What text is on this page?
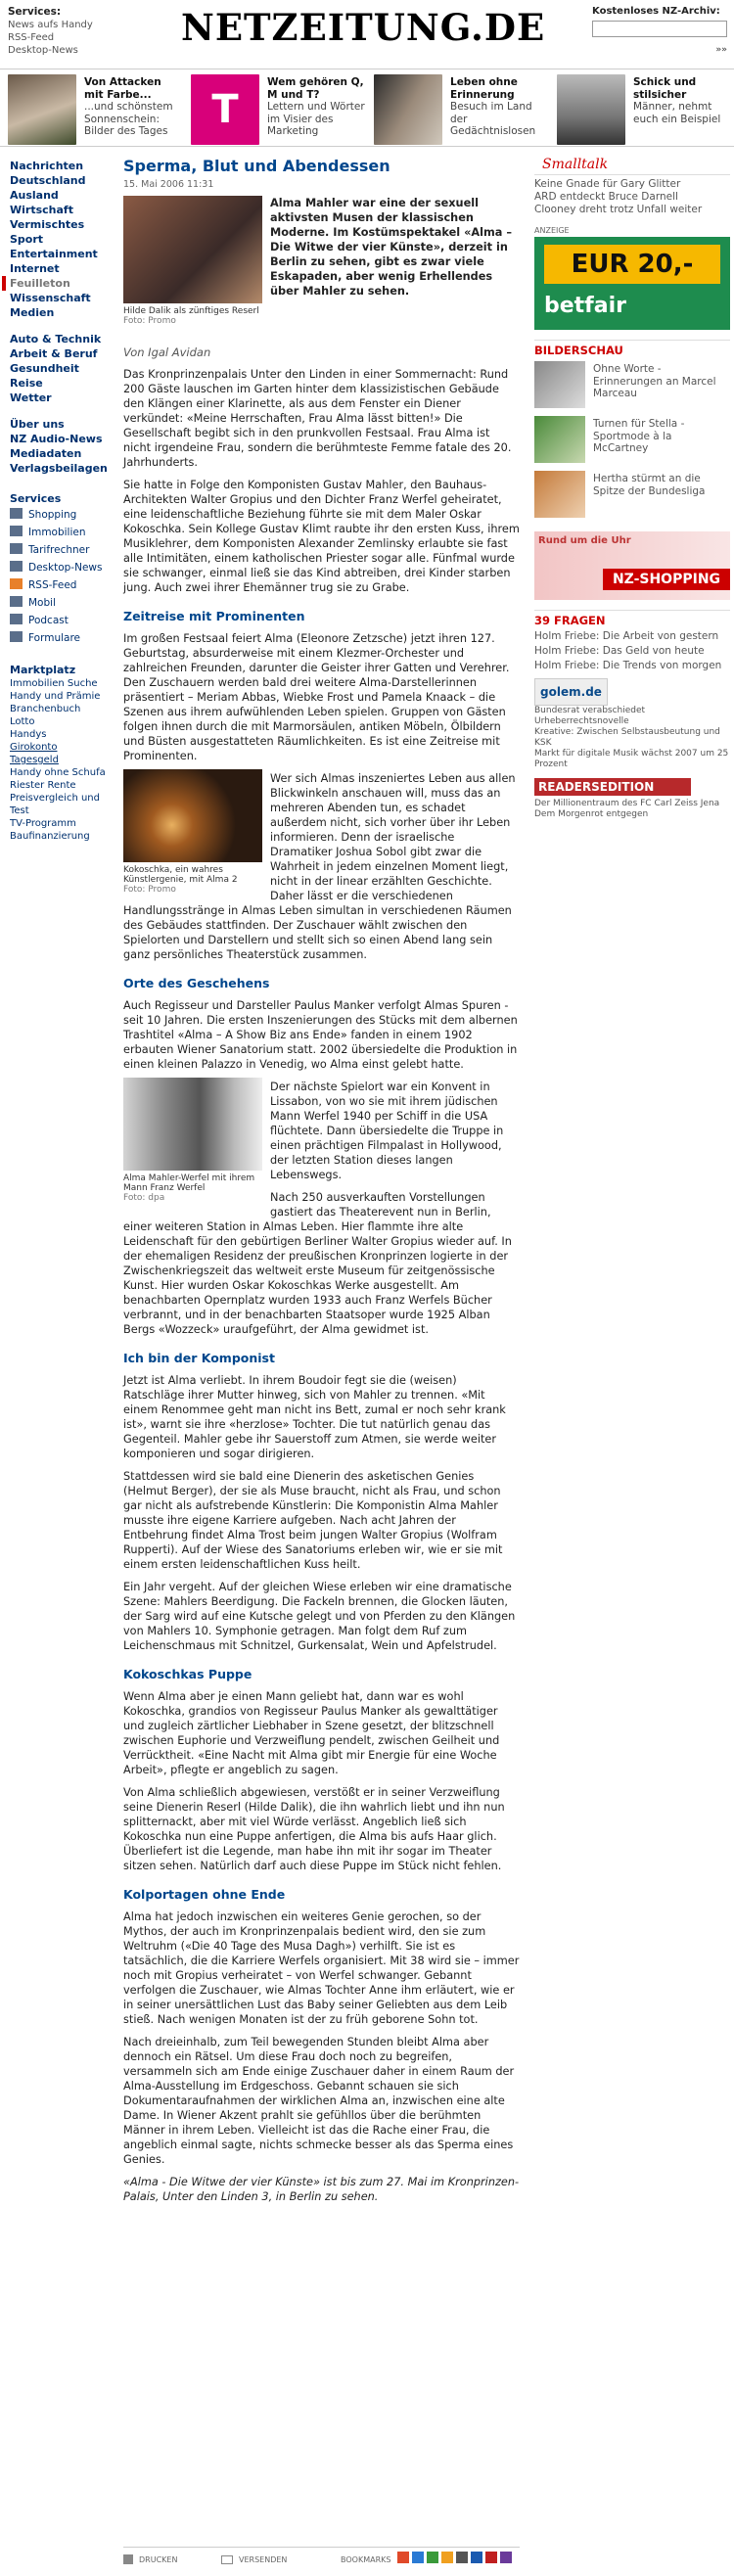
Services:
News aufs Handy
RSS-Feed
Desktop-News
NETZEITUNG.DE	Kostenloses NZ-Archiv:
»»
Von Attacken mit Farbe...
...und schönstem Sonnenschein: Bilder des Tages	T
Wem gehören Q, M und T?
Lettern und Wörter im Visier des Marketing
Leben ohne Erinnerung
Besuch im Land der Gedächtnislosen
Schick und stilsicher
Männer, nehmt euch ein Beispiel
Nachrichten
Deutschland
Ausland
Wirtschaft
Vermischtes
Sport
Entertainment
Internet
Feuilleton
Wissenschaft
Medien
Auto & Technik
Arbeit & Beruf
Gesundheit
Reise
Wetter
Über uns
NZ Audio-News
Mediadaten
Verlagsbeilagen
Services
Shopping
Immobilien
Tarifrechner
Desktop-News
RSS-Feed
Mobil
Podcast
Formulare
Marktplatz
Immobilien Suche
Handy und Prämie
Branchenbuch
Lotto
Handys
Girokonto
Tagesgeld
Handy ohne Schufa
Riester Rente
Preisvergleich und Test
TV-Programm
Baufinanzierung
Sperma, Blut und Abendessen
15. Mai 2006 11:31
Hilde Dalik als zünftiges Reserl
Foto: Promo
Alma Mahler war eine der sexuell aktivsten Musen der klassischen Moderne. Im Kostümspektakel «Alma – Die Witwe der vier Künste», derzeit in Berlin zu sehen, gibt es zwar viele Eskapaden, aber wenig Erhellendes über Mahler zu sehen.
Von Igal Avidan

Das Kronprinzenpalais Unter den Linden in einer Sommernacht: Rund 200 Gäste lauschen im Garten hinter dem klassizistischen Gebäude den Klängen einer Klarinette, als aus dem Fenster ein Diener verkündet: «Meine Herrschaften, Frau Alma lässt bitten!» Die Gesellschaft begibt sich in den prunkvollen Festsaal. Frau Alma ist nicht irgendeine Frau, sondern die berühmteste Femme fatale des 20. Jahrhunderts.

Sie hatte in Folge den Komponisten Gustav Mahler, den Bauhaus-Architekten Walter Gropius und den Dichter Franz Werfel geheiratet, eine leidenschaftliche Beziehung führte sie mit dem Maler Oskar Kokoschka. Sein Kollege Gustav Klimt raubte ihr den ersten Kuss, ihrem Musiklehrer, dem Komponisten Alexander Zemlinsky erlaubte sie fast alle Intimitäten, einem katholischen Priester sogar alle. Fünfmal wurde sie schwanger, einmal ließ sie das Kind abtreiben, drei Kinder starben jung. Auch zwei ihrer Ehemänner trug sie zu Grabe.

Zeitreise mit Prominenten

Im großen Festsaal feiert Alma (Eleonore Zetzsche) jetzt ihren 127. Geburtstag, absurderweise mit einem Klezmer-Orchester und zahlreichen Freunden, darunter die Geister ihrer Gatten und Verehrer. Den Zuschauern werden bald drei weitere Alma-Darstellerinnen präsentiert – Meriam Abbas, Wiebke Frost und Pamela Knaack – die Szenen aus ihrem aufwühlenden Leben spielen. Gruppen von Gästen folgen ihnen durch die mit Marmorsäulen, antiken Möbeln, Ölbildern und Büsten ausgestatteten Räumlichkeiten. Es ist eine Zeitreise mit Prominenten.

Kokoschka, ein wahres Künstlergenie, mit Alma 2
Foto: Promo

Wer sich Almas inszeniertes Leben aus allen Blickwinkeln anschauen will, muss das an mehreren Abenden tun, es schadet außerdem nicht, sich vorher über ihr Leben informieren. Denn der israelische Dramatiker Joshua Sobol gibt zwar die Wahrheit in jedem einzelnen Moment liegt, nicht in der linear erzählten Geschichte. Daher lässt er die verschiedenen Handlungsstränge in Almas Leben simultan in verschiedenen Räumen des Gebäudes stattfinden. Der Zuschauer wählt zwischen den Spielorten und Darstellern und stellt sich so einen Abend lang sein ganz persönliches Theaterstück zusammen.

Orte des Geschehens

Auch Regisseur und Darsteller Paulus Manker verfolgt Almas Spuren - seit 10 Jahren. Die ersten Inszenierungen des Stücks mit dem albernen Trashtitel «Alma – A Show Biz ans Ende» fanden in einem 1902 erbauten Wiener Sanatorium statt. 2002 übersiedelte die Produktion in einen kleinen Palazzo in Venedig, wo Alma einst gelebt hatte.

Alma Mahler-Werfel mit ihrem Mann Franz Werfel
Foto: dpa

Der nächste Spielort war ein Konvent in Lissabon, von wo sie mit ihrem jüdischen Mann Werfel 1940 per Schiff in die USA flüchtete. Dann übersiedelte die Truppe in einen prächtigen Filmpalast in Hollywood, der letzten Station dieses langen Lebenswegs.

Nach 250 ausverkauften Vorstellungen gastiert das Theaterevent nun in Berlin, einer weiteren Station in Almas Leben. Hier flammte ihre alte Leidenschaft für den gebürtigen Berliner Walter Gropius wieder auf. In der ehemaligen Residenz der preußischen Kronprinzen logierte in der Zwischenkriegszeit das weltweit erste Museum für zeitgenössische Kunst. Hier wurden Oskar Kokoschkas Werke ausgestellt. Am benachbarten Opernplatz wurden 1933 auch Franz Werfels Bücher verbrannt, und in der benachbarten Staatsoper wurde 1925 Alban Bergs «Wozzeck» uraufgeführt, der Alma gewidmet ist.

Ich bin der Komponist

Jetzt ist Alma verliebt. In ihrem Boudoir fegt sie die (weisen) Ratschläge ihrer Mutter hinweg, sich von Mahler zu trennen. «Mit einem Renommee geht man nicht ins Bett, zumal er noch sehr krank ist», warnt sie ihre «herzlose» Tochter. Die tut natürlich genau das Gegenteil. Mahler gebe ihr Sauerstoff zum Atmen, sie werde weiter komponieren und sogar dirigieren.

Stattdessen wird sie bald eine Dienerin des asketischen Genies (Helmut Berger), der sie als Muse braucht, nicht als Frau, und schon gar nicht als aufstrebende Künstlerin: Die Komponistin Alma Mahler musste ihre eigene Karriere aufgeben. Nach acht Jahren der Entbehrung findet Alma Trost beim jungen Walter Gropius (Wolfram Rupperti). Auf der Wiese des Sanatoriums erleben wir, wie er sie mit einem ersten leidenschaftlichen Kuss heilt.

Ein Jahr vergeht. Auf der gleichen Wiese erleben wir eine dramatische Szene: Mahlers Beerdigung. Die Fackeln brennen, die Glocken läuten, der Sarg wird auf eine Kutsche gelegt und von Pferden zu den Klängen von Mahlers 10. Symphonie getragen. Man folgt dem Ruf zum Leichenschmaus mit Schnitzel, Gurkensalat, Wein und Apfelstrudel.

Kokoschkas Puppe

Wenn Alma aber je einen Mann geliebt hat, dann war es wohl Kokoschka, grandios von Regisseur Paulus Manker als gewalttätiger und zugleich zärtlicher Liebhaber in Szene gesetzt, der blitzschnell zwischen Euphorie und Verzweiflung pendelt, zwischen Geilheit und Verrücktheit. «Eine Nacht mit Alma gibt mir Energie für eine Woche Arbeit», pflegte er angeblich zu sagen.

Von Alma schließlich abgewiesen, verstößt er in seiner Verzweiflung seine Dienerin Reserl (Hilde Dalik), die ihn wahrlich liebt und ihn nun splitternackt, aber mit viel Würde verlässt. Angeblich ließ sich Kokoschka nun eine Puppe anfertigen, die Alma bis aufs Haar glich. Überliefert ist die Legende, man habe ihn mit ihr sogar im Theater sitzen sehen. Natürlich darf auch diese Puppe im Stück nicht fehlen.

Kolportagen ohne Ende

Alma hat jedoch inzwischen ein weiteres Genie gerochen, so der Mythos, der auch im Kronprinzenpalais bedient wird, den sie zum Weltruhm («Die 40 Tage des Musa Dagh») verhilft. Sie ist es tatsächlich, die die Karriere Werfels organisiert. Mit 38 wird sie – immer noch mit Gropius verheiratet – von Werfel schwanger. Gebannt verfolgen die Zuschauer, wie Almas Tochter Anne ihm erläutert, wie er in seiner unersättlichen Lust das Baby seiner Geliebten aus dem Leib stieß. Nach wenigen Monaten ist der zu früh geborene Sohn tot.

Nach dreieinhalb, zum Teil bewegenden Stunden bleibt Alma aber dennoch ein Rätsel. Um diese Frau doch noch zu begreifen, versammeln sich am Ende einige Zuschauer daher in einem Raum der Alma-Ausstellung im Erdgeschoss. Gebannt schauen sie sich Dokumentaraufnahmen der wirklichen Alma an, inzwischen eine alte Dame. In Wiener Akzent prahlt sie gefühllos über die berühmten Männer in ihrem Leben. Vielleicht ist das die Rache einer Frau, die angeblich einmal sagte, nichts schmecke besser als das Sperma eines Genies.

«Alma - Die Witwe der vier Künste» ist bis zum 27. Mai im Kronprinzen-Palais, Unter den Linden 3, in Berlin zu sehen.

Smalltalk
Keine Gnade für Gary Glitter
ARD entdeckt Bruce Darnell
Clooney dreht trotz Unfall weiter
ANZEIGE
EUR 20,-
betfair
BILDERSCHAU
Ohne Worte - Erinnerungen an Marcel Marceau
Turnen für Stella - Sportmode à la McCartney
Hertha stürmt an die Spitze der Bundesliga
Rund um die Uhr
NZ-SHOPPING
39 FRAGEN
Holm Friebe: Die Arbeit von gestern
Holm Friebe: Das Geld von heute
Holm Friebe: Die Trends von morgen
golem.de
Bundesrat verabschiedet Urheberrechtsnovelle
Kreative: Zwischen Selbstausbeutung und KSK
Markt für digitale Musik wächst 2007 um 25 Prozent
READERSEDITION
Der Millionentraum des FC Carl Zeiss Jena Dem Morgenrot entgegen
DRUCKEN	VERSENDEN	BOOKMARKS
